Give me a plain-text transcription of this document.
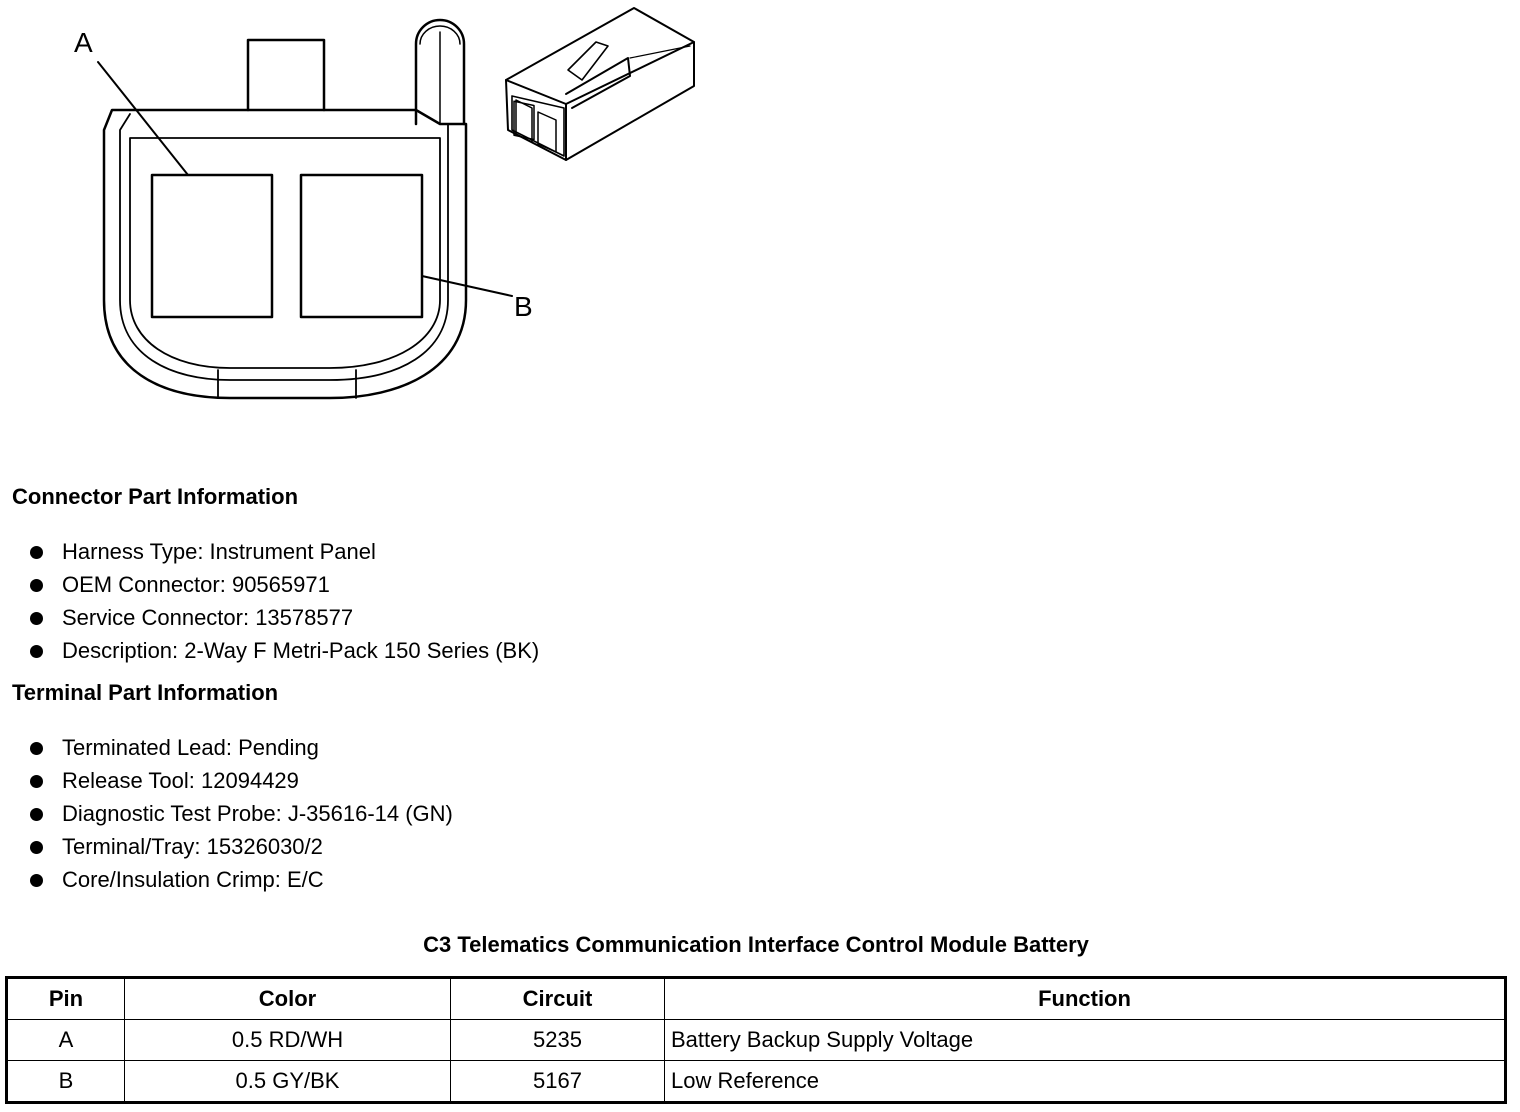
A
B
Connector Part Information
Harness Type: Instrument Panel
OEM Connector: 90565971
Service Connector: 13578577
Description: 2-Way F Metri-Pack 150 Series (BK)
Terminal Part Information
Terminated Lead: Pending
Release Tool: 12094429
Diagnostic Test Probe: J-35616-14 (GN)
Terminal/Tray: 15326030/2
Core/Insulation Crimp: E/C
C3 Telematics Communication Interface Control Module Battery
Pin	Color	Circuit	Function
A	0.5 RD/WH	5235	Battery Backup Supply Voltage
B	0.5 GY/BK	5167	Low Reference
